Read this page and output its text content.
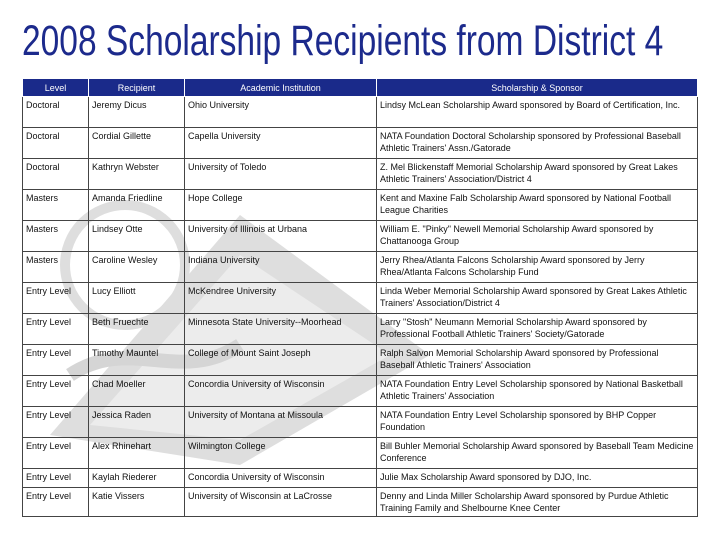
2008 Scholarship Recipients from District 4
Level	Recipient	Academic Institution	Scholarship & Sponsor
Doctoral	Jeremy Dicus	Ohio University	Lindsy McLean Scholarship Award sponsored by Board of Certification, Inc.
Doctoral	Cordial Gillette	Capella University	NATA Foundation Doctoral Scholarship sponsored by Professional Baseball Athletic Trainers' Assn./Gatorade
Doctoral	Kathryn Webster	University of Toledo	Z. Mel Blickenstaff Memorial Scholarship Award sponsored by Great Lakes Athletic Trainers' Association/District 4
Masters	Amanda Friedline	Hope College	Kent and Maxine Falb Scholarship Award sponsored by National Football League Charities
Masters	Lindsey Otte	University of Illinois at Urbana	William E. "Pinky" Newell Memorial Scholarship Award sponsored by Chattanooga Group
Masters	Caroline Wesley	Indiana University	Jerry Rhea/Atlanta Falcons Scholarship Award sponsored by Jerry Rhea/Atlanta Falcons Scholarship Fund
Entry Level	Lucy Elliott	McKendree University	Linda Weber Memorial Scholarship Award sponsored by Great Lakes Athletic Trainers' Association/District 4
Entry Level	Beth Fruechte	Minnesota State University--Moorhead	Larry "Stosh" Neumann Memorial Scholarship Award sponsored by Professional Football Athletic Trainers' Society/Gatorade
Entry Level	Timothy Mauntel	College of Mount Saint Joseph	Ralph Salvon Memorial Scholarship Award sponsored by Professional Baseball Athletic Trainers' Association
Entry Level	Chad Moeller	Concordia University of Wisconsin	NATA Foundation Entry Level Scholarship sponsored by National Basketball Athletic Trainers' Association
Entry Level	Jessica Raden	University of Montana at Missoula	NATA Foundation Entry Level Scholarship sponsored by BHP Copper Foundation
Entry Level	Alex Rhinehart	Wilmington College	Bill Buhler Memorial Scholarship Award sponsored by Baseball Team Medicine Conference
Entry Level	Kaylah Riederer	Concordia University of Wisconsin	Julie Max Scholarship Award sponsored by DJO, Inc.
Entry Level	Katie Vissers	University of Wisconsin at LaCrosse	Denny and Linda Miller Scholarship Award sponsored by Purdue Athletic Training Family and Shelbourne Knee Center
